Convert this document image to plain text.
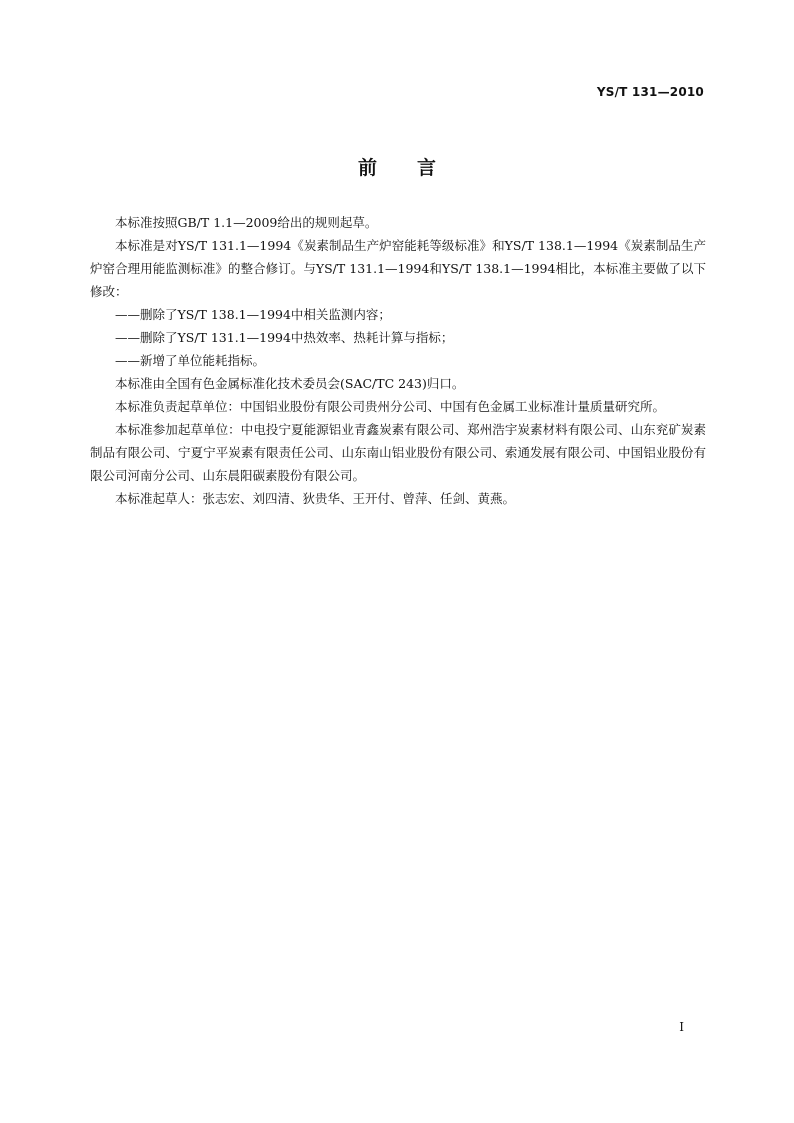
YS/T 131—2010
前言

本标准按照GB/T 1.1—2009给出的规则起草。

本标准是对YS/T 131.1—1994《炭素制品生产炉窑能耗等级标准》和YS/T 138.1—1994《炭素制品生产炉窑合理用能监测标准》的整合修订。与YS/T 131.1—1994和YS/T 138.1—1994相比，本标准主要做了以下修改：

——删除了YS/T 138.1—1994中相关监测内容；

——删除了YS/T 131.1—1994中热效率、热耗计算与指标；

——新增了单位能耗指标。

本标准由全国有色金属标准化技术委员会(SAC/TC 243)归口。

本标准负责起草单位：中国铝业股份有限公司贵州分公司、中国有色金属工业标准计量质量研究所。

本标准参加起草单位：中电投宁夏能源铝业青鑫炭素有限公司、郑州浩宇炭素材料有限公司、山东兖矿炭素制品有限公司、宁夏宁平炭素有限责任公司、山东南山铝业股份有限公司、索通发展有限公司、中国铝业股份有限公司河南分公司、山东晨阳碳素股份有限公司。

本标准起草人：张志宏、刘四清、狄贵华、王开付、曾萍、任剑、黄燕。

I
